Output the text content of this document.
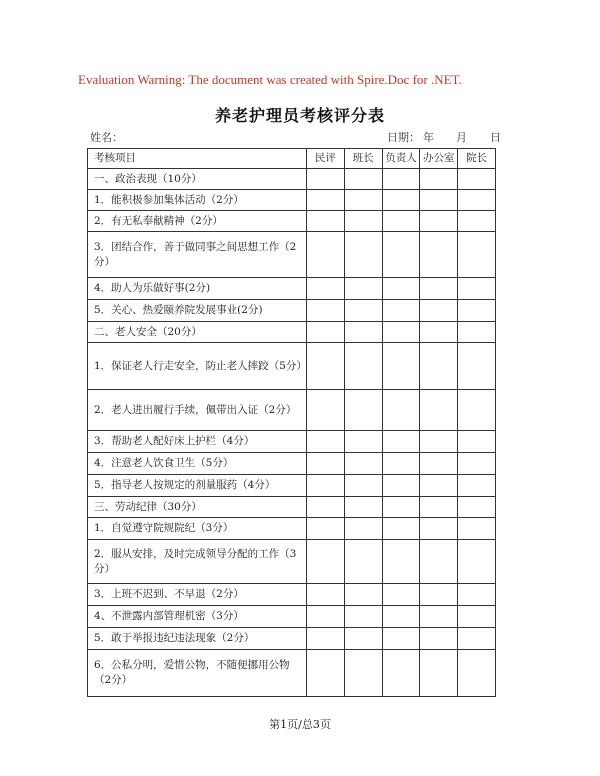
Evaluation Warning: The document was created with Spire.Doc for .NET.
养老护理员考核评分表
姓名：	日期： 年 月 日
考核项目	民评	班长	负责人	办公室	院长
一、政治表现（10分）					
1．能积极参加集体活动（2分）					
2．有无私奉献精神（2分）					
3．团结合作，善于做同事之间思想工作（2分）					
4．助人为乐做好事(2分)					
5．关心、热爱颐养院发展事业(2分)					
二、老人安全（20分）					
1．保证老人行走安全，防止老人摔跤（5分）					
2．老人进出履行手续，佩带出入证（2分）					
3．帮助老人配好床上护栏（4分）					
4．注意老人饮食卫生（5分）					
5．指导老人按规定的剂量服药（4分）					
三、劳动纪律（30分）					
1．自觉遵守院规院纪（3分）					
2．服从安排，及时完成领导分配的工作（3分）					
3．上班不迟到、不早退（2分）					
4、不泄露内部管理机密（3分）					
5．敢于举报违纪违法现象（2分）					
6．公私分明，爱惜公物，不随便挪用公物（2分）					
第1页/总3页
